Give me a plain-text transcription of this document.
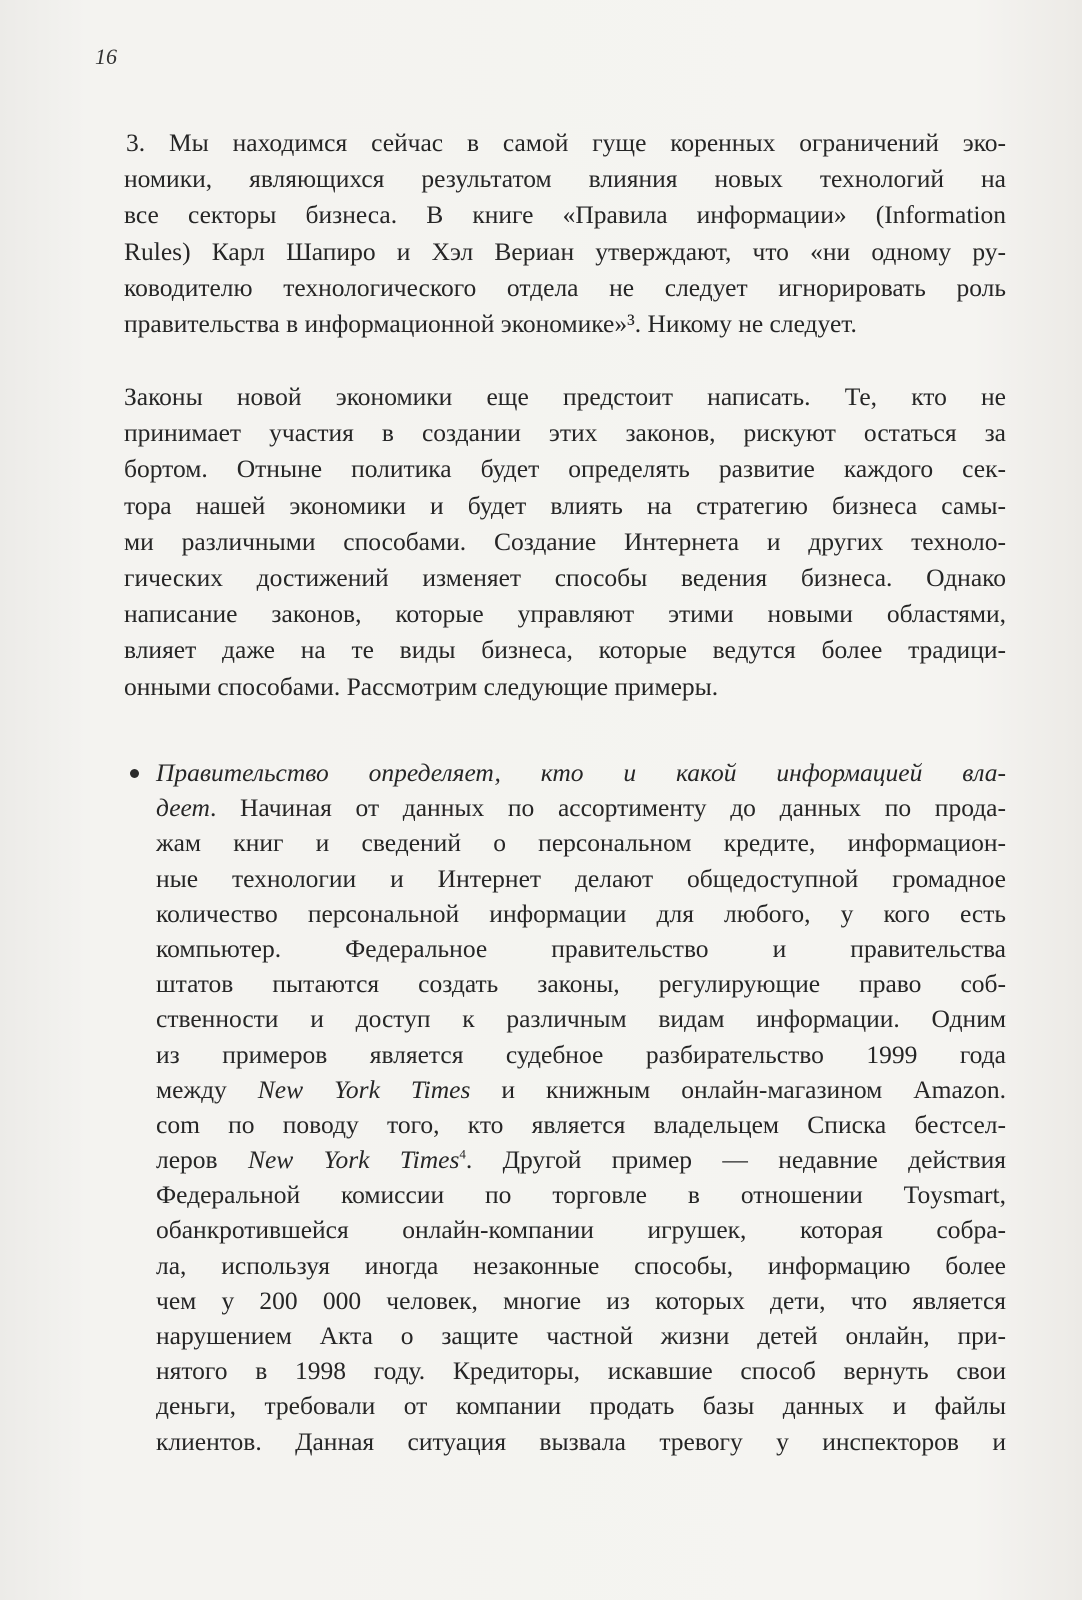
16
3. Мы находимся сейчас в самой гуще коренных ограничений эко-
номики, являющихся результатом влияния новых технологий на
все секторы бизнеса. В книге «Правила информации» (Information
Rules) Карл Шапиро и Хэл Вериан утверждают, что «ни одному ру-
ководителю технологического отдела не следует игнорировать роль
правительства в информационной экономике»³. Никому не следует.
Законы новой экономики еще предстоит написать. Те, кто не
принимает участия в создании этих законов, рискуют остаться за
бортом. Отныне политика будет определять развитие каждого сек-
тора нашей экономики и будет влиять на стратегию бизнеса самы-
ми различными способами. Создание Интернета и других техноло-
гических достижений изменяет способы ведения бизнеса. Однако
написание законов, которые управляют этими новыми областями,
влияет даже на те виды бизнеса, которые ведутся более традици-
онными способами. Рассмотрим следующие примеры.
Правительство определяет, кто и какой информацией вла-
деет. Начиная от данных по ассортименту до данных по прода-
жам книг и сведений о персональном кредите, информацион-
ные технологии и Интернет делают общедоступной громадное
количество персональной информации для любого, у кого есть
компьютер. Федеральное правительство и правительства
штатов пытаются создать законы, регулирующие право соб-
ственности и доступ к различным видам информации. Одним
из примеров является судебное разбирательство 1999 года
между New York Times и книжным онлайн-магазином Amazon.
com по поводу того, кто является владельцем Списка бестсел-
леров New York Times$^4$. Другой пример — недавние действия
Федеральной комиссии по торговле в отношении Toysmart,
обанкротившейся онлайн-компании игрушек, которая собра-
ла, используя иногда незаконные способы, информацию более
чем у 200 000 человек, многие из которых дети, что является
нарушением Акта о защите частной жизни детей онлайн, при-
нятого в 1998 году. Кредиторы, искавшие способ вернуть свои
деньги, требовали от компании продать базы данных и файлы
клиентов. Данная ситуация вызвала тревогу у инспекторов и
